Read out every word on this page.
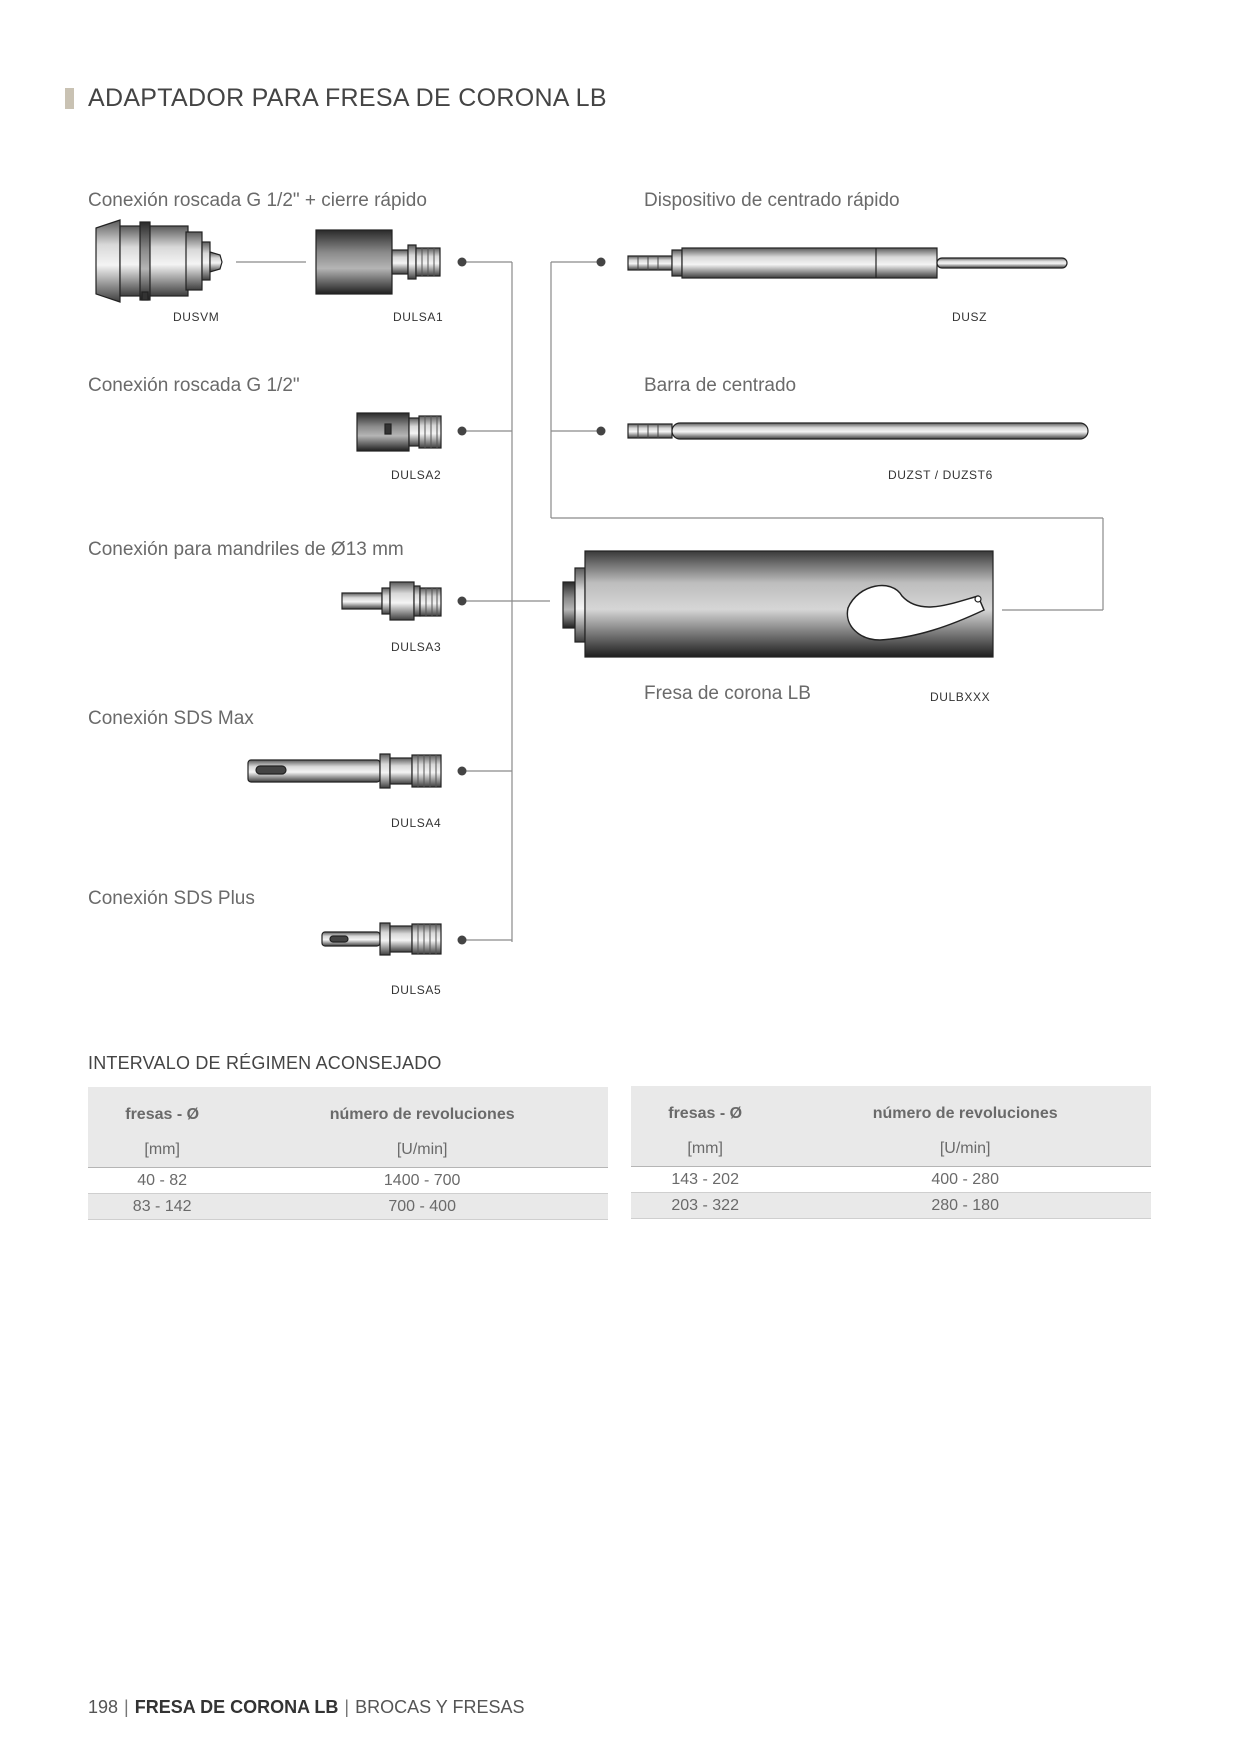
ADAPTADOR PARA FRESA DE CORONA LB
Conexión roscada G 1/2" + cierre rápido
Conexión roscada G 1/2"
Conexión para mandriles de Ø13 mm
Conexión SDS Max
Conexión SDS Plus
Dispositivo de centrado rápido
Barra de centrado
Fresa de corona LB
DUSVM	DULSA1
DULSA2
DULSA3
DULSA4
DULSA5
DUSZ
DUZST / DUZST6
DULBXXX
INTERVALO DE RÉGIMEN ACONSEJADO
fresas - Ø	número de revoluciones
[mm]	[U/min]
40 - 82	1400 - 700
83 - 142	700 - 400
fresas - Ø	número de revoluciones
[mm]	[U/min]
143 - 202	400 - 280
203 - 322	280 - 180
198 | FRESA DE CORONA LB | BROCAS Y FRESAS
